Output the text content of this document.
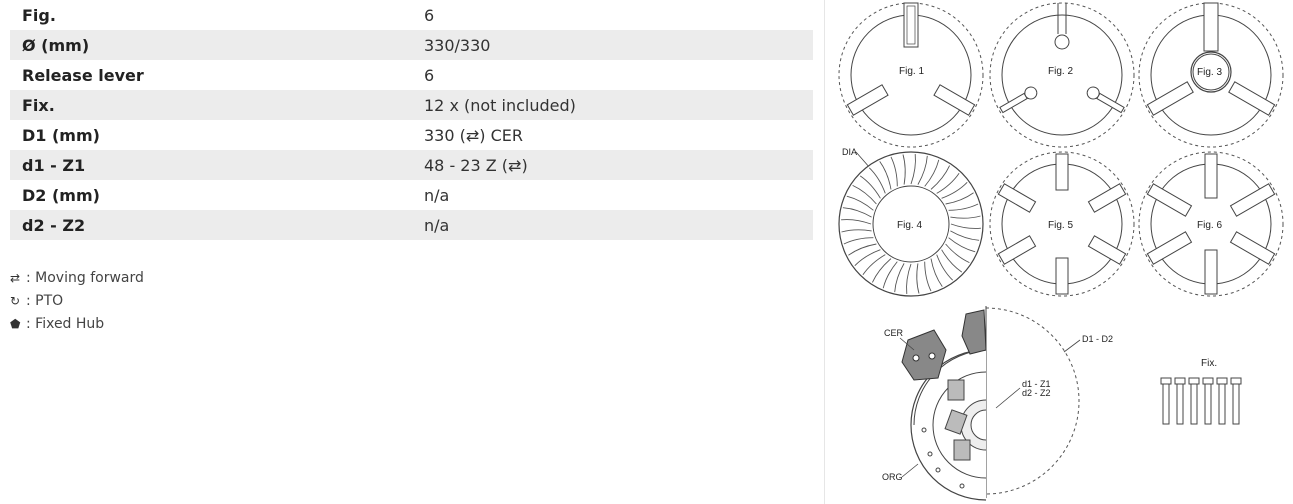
Fig.	6
Ø (mm)	330/330
Release lever	6
Fix.	12 x (not included)
D1 (mm)	330 (⇄) CER
d1 - Z1	48 - 23 Z (⇄)
D2 (mm)	n/a
d2 - Z2	n/a
⇄ : Moving forward
↻ : PTO
⬟ : Fixed Hub
Fig. 1	Fig. 2	Fig. 3
DIA
Fig. 4	Fig. 5	Fig. 6
CER
ORG
D1 - D2
d1 - Z1
d2 - Z2
Fix.
